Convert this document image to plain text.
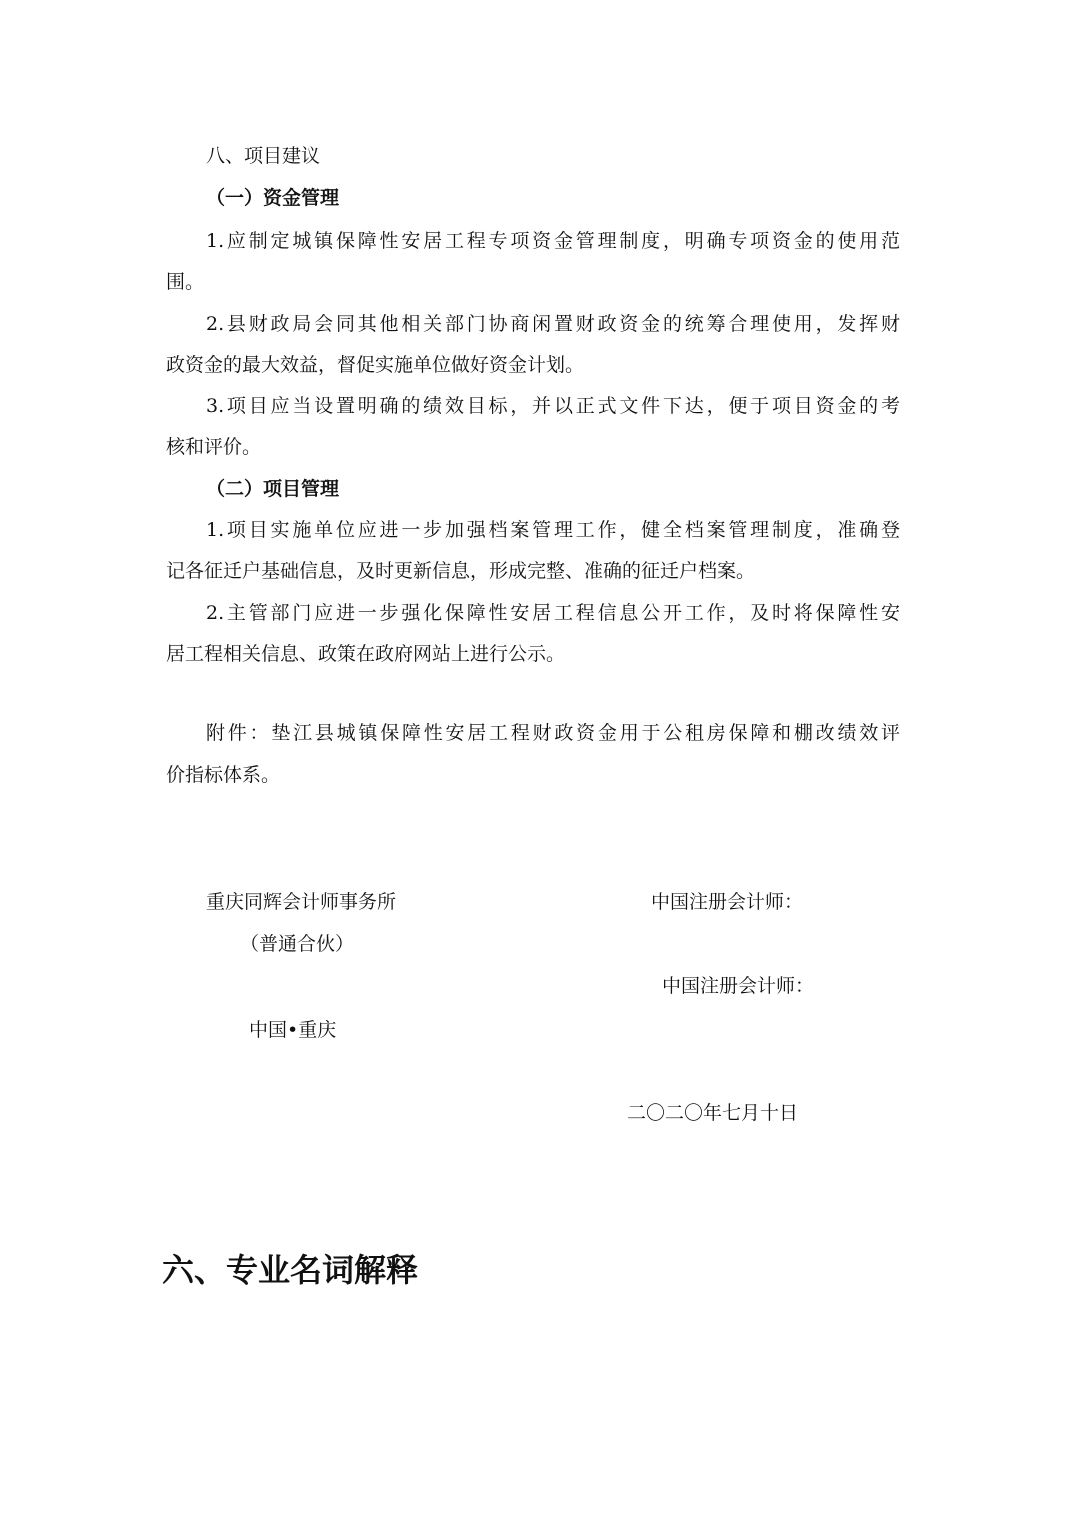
八、项目建议
（一）资金管理
1.应制定城镇保障性安居工程专项资金管理制度，明确专项资金的使用范
围。
2.县财政局会同其他相关部门协商闲置财政资金的统筹合理使用，发挥财
政资金的最大效益，督促实施单位做好资金计划。
3.项目应当设置明确的绩效目标，并以正式文件下达，便于项目资金的考
核和评价。
（二）项目管理
1.项目实施单位应进一步加强档案管理工作，健全档案管理制度，准确登
记各征迁户基础信息，及时更新信息，形成完整、准确的征迁户档案。
2.主管部门应进一步强化保障性安居工程信息公开工作，及时将保障性安
居工程相关信息、政策在政府网站上进行公示。
附件：垫江县城镇保障性安居工程财政资金用于公租房保障和棚改绩效评
价指标体系。
重庆同辉会计师事务所
（普通合伙）
中国•重庆
中国注册会计师：
中国注册会计师：
二〇二〇年七月十日
六、专业名词解释
